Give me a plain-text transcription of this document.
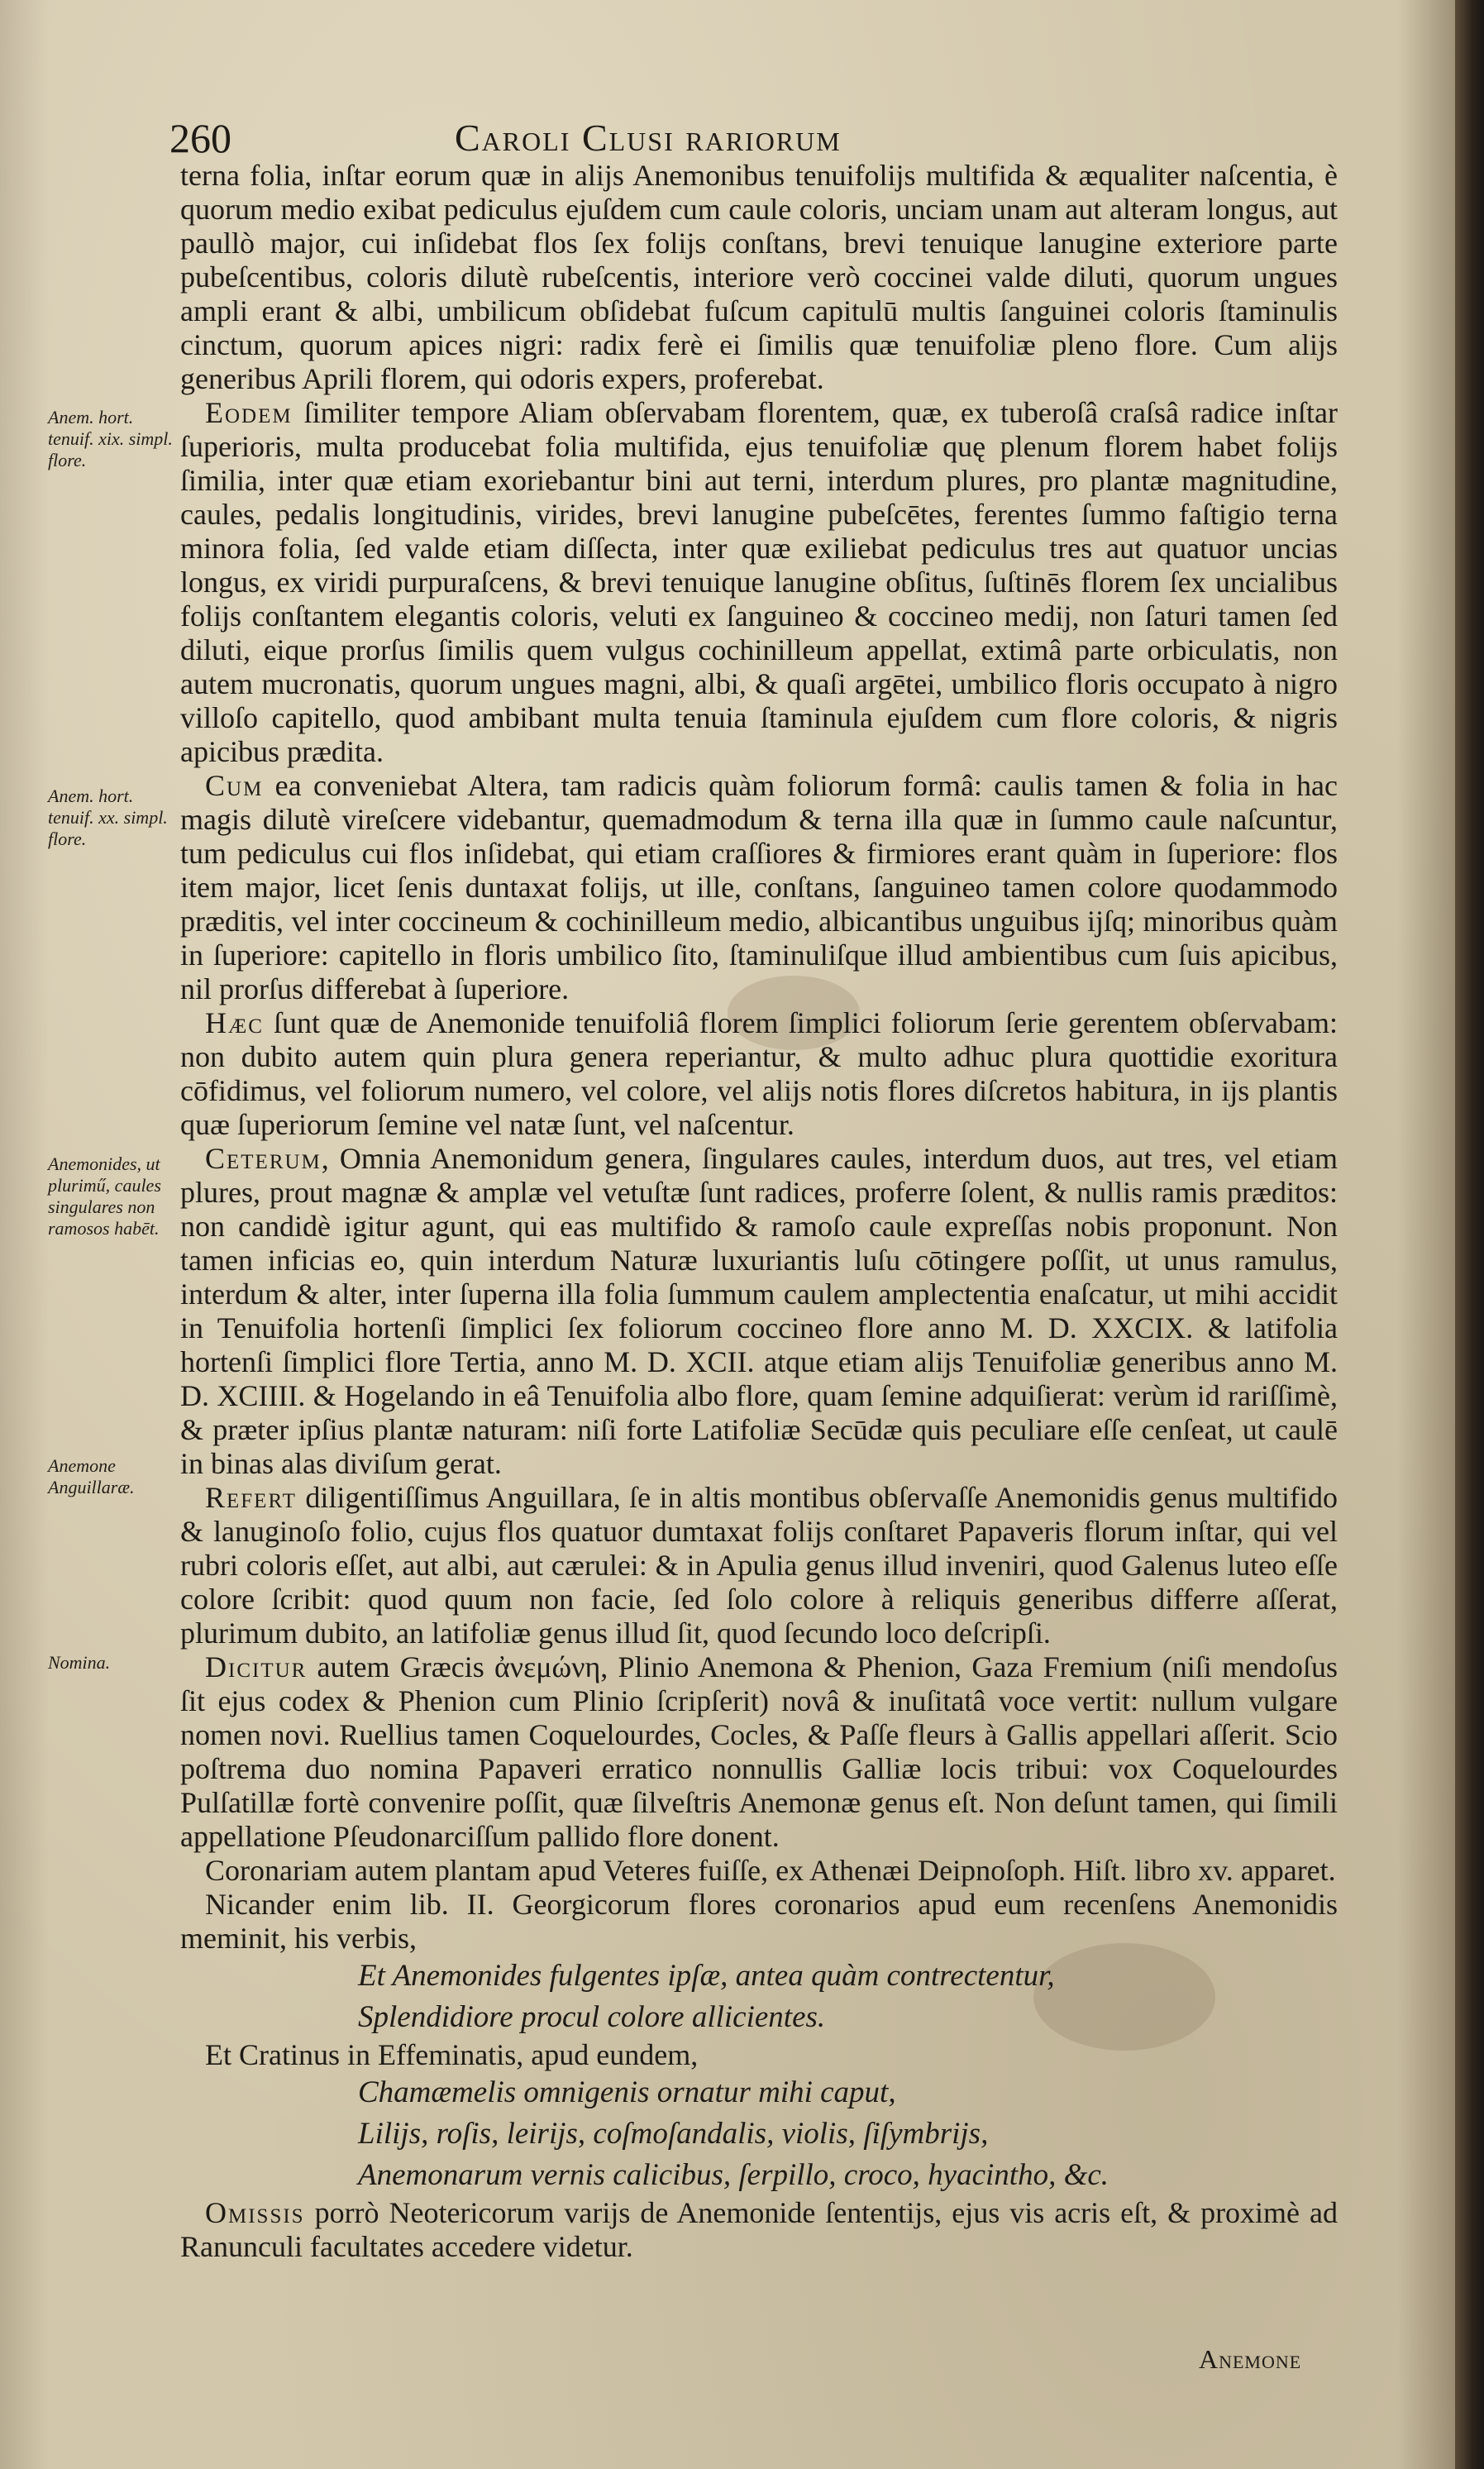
260	Caroli Clusi rariorum
Anem. hort. tenuif. xix. simpl. flore.
Anem. hort. tenuif. xx. simpl. flore.
Anemonides, ut plurimű, caules singulares non ramosos habēt.
Anemone Anguillaræ.
Nomina.

terna folia, inſtar eorum quæ in alijs Anemonibus tenuifolijs multifida & æqualiter naſcentia, è quorum medio exibat pediculus ejuſdem cum caule coloris, unciam unam aut alteram longus, aut paullò major, cui inſidebat flos ſex folijs conſtans, brevi tenuique lanugine exteriore parte pubeſcentibus, coloris dilutè rubeſcentis, interiore verò coccinei valde diluti, quorum ungues ampli erant & albi, umbilicum obſidebat fuſcum capitulū multis ſanguinei coloris ſtaminulis cinctum, quorum apices nigri: radix ferè ei ſimilis quæ tenuifoliæ pleno flore. Cum alijs generibus Aprili florem, qui odoris expers, proferebat.

Eodem ſimiliter tempore Aliam obſervabam florentem, quæ, ex tuberoſâ craſsâ radice inſtar ſuperioris, multa producebat folia multifida, ejus tenuifoliæ quę plenum florem habet folijs ſimilia, inter quæ etiam exoriebantur bini aut terni, interdum plures, pro plantæ magnitudine, caules, pedalis longitudinis, virides, brevi lanugine pubeſcētes, ferentes ſummo faſtigio terna minora folia, ſed valde etiam diſſecta, inter quæ exiliebat pediculus tres aut quatuor uncias longus, ex viridi purpuraſcens, & brevi tenuique lanugine obſitus, ſuſtinēs florem ſex uncialibus folijs conſtantem elegantis coloris, veluti ex ſanguineo & coccineo medij, non ſaturi tamen ſed diluti, eique prorſus ſimilis quem vulgus cochinilleum appellat, extimâ parte orbiculatis, non autem mucronatis, quorum ungues magni, albi, & quaſi argētei, umbilico floris occupato à nigro villoſo capitello, quod ambibant multa tenuia ſtaminula ejuſdem cum flore coloris, & nigris apicibus prædita.

Cum ea conveniebat Altera, tam radicis quàm foliorum formâ: caulis tamen & folia in hac magis dilutè vireſcere videbantur, quemadmodum & terna illa quæ in ſummo caule naſcuntur, tum pediculus cui flos inſidebat, qui etiam craſſiores & firmiores erant quàm in ſuperiore: flos item major, licet ſenis duntaxat folijs, ut ille, conſtans, ſanguineo tamen colore quodammodo præditis, vel inter coccineum & cochinilleum medio, albicantibus unguibus ijſq; minoribus quàm in ſuperiore: capitello in floris umbilico ſito, ſtaminuliſque illud ambientibus cum ſuis apicibus, nil prorſus differebat à ſuperiore.

Hæc ſunt quæ de Anemonide tenuifoliâ florem ſimplici foliorum ſerie gerentem obſervabam: non dubito autem quin plura genera reperiantur, & multo adhuc plura quottidie exoritura cōfidimus, vel foliorum numero, vel colore, vel alijs notis flores diſcretos habitura, in ijs plantis quæ ſuperiorum ſemine vel natæ ſunt, vel naſcentur.

Ceterum, Omnia Anemonidum genera, ſingulares caules, interdum duos, aut tres, vel etiam plures, prout magnæ & amplæ vel vetuſtæ ſunt radices, proferre ſolent, & nullis ramis præditos: non candidè igitur agunt, qui eas multifido & ramoſo caule expreſſas nobis proponunt. Non tamen inficias eo, quin interdum Naturæ luxuriantis luſu cōtingere poſſit, ut unus ramulus, interdum & alter, inter ſuperna illa folia ſummum caulem amplectentia enaſcatur, ut mihi accidit in Tenuifolia hortenſi ſimplici ſex foliorum coccineo flore anno M. D. XXCIX. & latifolia hortenſi ſimplici flore Tertia, anno M. D. XCII. atque etiam alijs Tenuifoliæ generibus anno M. D. XCIIII. & Hogelando in eâ Tenuifolia albo flore, quam ſemine adquiſierat: verùm id rariſſimè, & præter ipſius plantæ naturam: niſi forte Latifoliæ Secūdæ quis peculiare eſſe cenſeat, ut caulē in binas alas diviſum gerat.

Refert diligentiſſimus Anguillara, ſe in altis montibus obſervaſſe Anemonidis genus multifido & lanuginoſo folio, cujus flos quatuor dumtaxat folijs conſtaret Papaveris florum inſtar, qui vel rubri coloris eſſet, aut albi, aut cærulei: & in Apulia genus illud inveniri, quod Galenus luteo eſſe colore ſcribit: quod quum non facie, ſed ſolo colore à reliquis generibus differre aſſerat, plurimum dubito, an latifoliæ genus illud ſit, quod ſecundo loco deſcripſi.

Dicitur autem Græcis ἀνεμώνη, Plinio Anemona & Phenion, Gaza Fremium (niſi mendoſus ſit ejus codex & Phenion cum Plinio ſcripſerit) novâ & inuſitatâ voce vertit: nullum vulgare nomen novi. Ruellius tamen Coquelourdes, Cocles, & Paſſe fleurs à Gallis appellari aſſerit. Scio poſtrema duo nomina Papaveri erratico nonnullis Galliæ locis tribui: vox Coquelourdes Pulſatillæ fortè convenire poſſit, quæ ſilveſtris Anemonæ genus eſt. Non deſunt tamen, qui ſimili appellatione Pſeudonarciſſum pallido flore donent.

Coronariam autem plantam apud Veteres fuiſſe, ex Athenæi Deipnoſoph. Hiſt. libro xv. apparet.

Nicander enim lib. II. Georgicorum flores coronarios apud eum recenſens Anemonidis meminit, his verbis,

Et Anemonides fulgentes ipſæ, antea quàm contrectentur,

Splendidiore procul colore allicientes.

Et Cratinus in Effeminatis, apud eundem,

Chamæmelis omnigenis ornatur mihi caput,

Lilijs, roſis, leirijs, coſmoſandalis, violis, ſiſymbrijs,

Anemonarum vernis calicibus, ſerpillo, croco, hyacintho, &c.

Omissis porrò Neotericorum varijs de Anemonide ſententijs, ejus vis acris eſt, & proximè ad Ranunculi facultates accedere videtur.

Anemone
